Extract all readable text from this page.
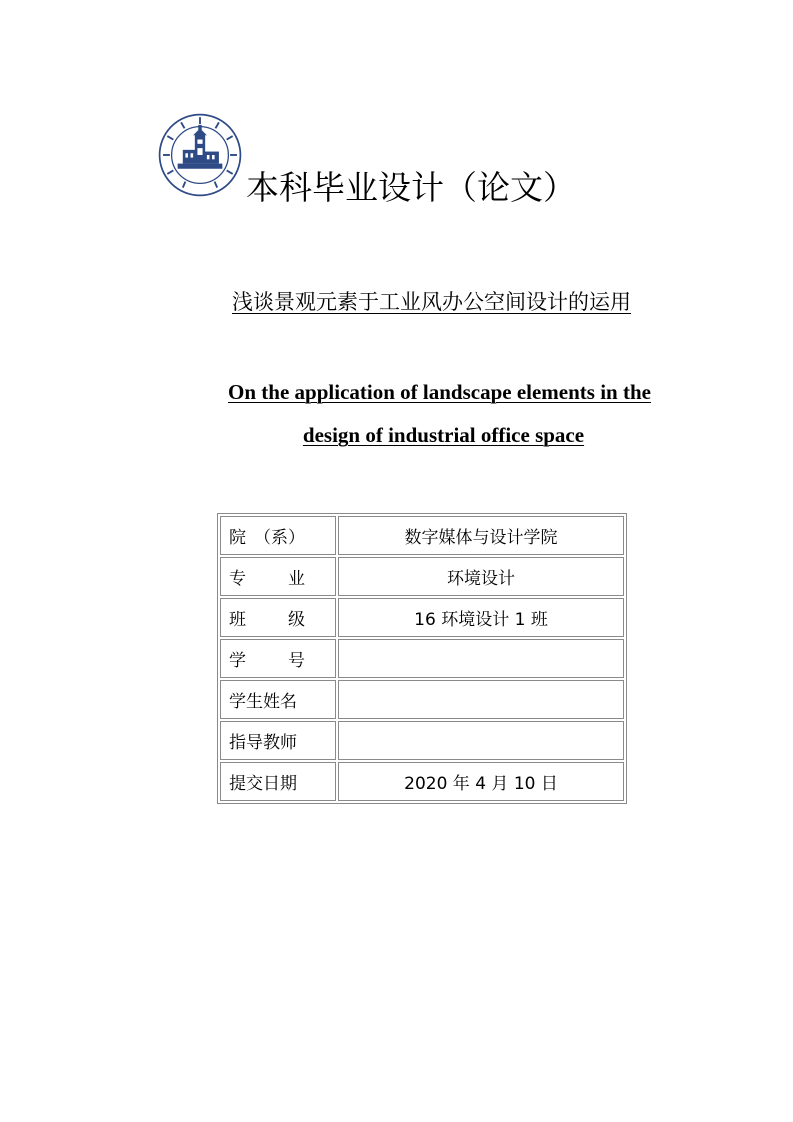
本科毕业设计（论文）
浅谈景观元素于工业风办公空间设计的运用
On the application of landscape elements in the
design of industrial office space
院 （系）	数字媒体与设计学院

专 业	环境设计

班 级	16 环境设计 1 班

学 号	

学生姓名	
指导教师	
提交日期	2020 年 4 月 10 日
